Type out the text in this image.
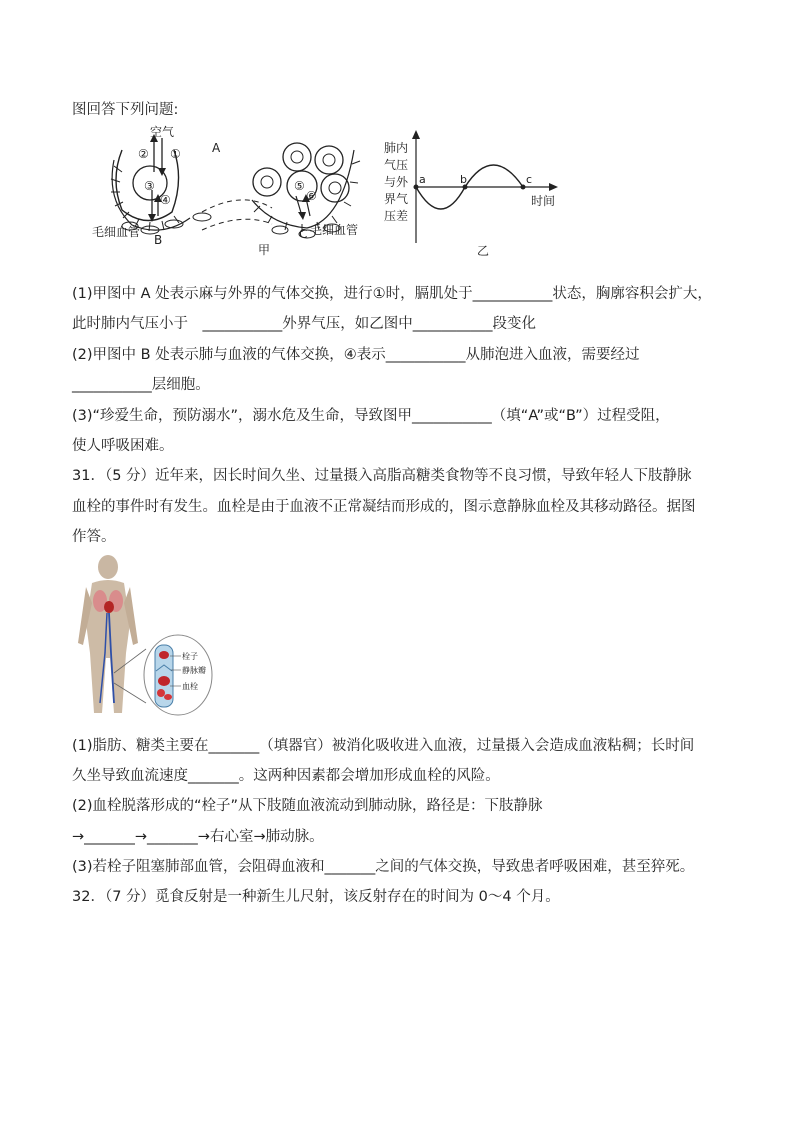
图回答下列问题:
空气
② ①
③
④
A
B
毛细血管
⑤
⑥
C 毛细血管
甲
肺内
气压
与外
界气
压差
a	b	c
时间
乙
(1)甲图中 A 处表示麻与外界的气体交换，进行①时，膈肌处于___________状态，胸廓容积会扩大，
此时肺内气压小于　___________外界气压，如乙图中___________段变化
(2)甲图中 B 处表示肺与血液的气体交换，④表示___________从肺泡进入血液，需要经过
___________层细胞。
(3)“珍爱生命，预防溺水”，溺水危及生命，导致图甲___________（填“A”或“B”）过程受阻，
使人呼吸困难。
31．（5 分）近年来，因长时间久坐、过量摄入高脂高糖类食物等不良习惯，导致年轻人下肢静脉
血栓的事件时有发生。血栓是由于血液不正常凝结而形成的，图示意静脉血栓及其移动路径。据图
作答。
栓子
静脉瓣
血栓
(1)脂肪、糖类主要在_______（填器官）被消化吸收进入血液，过量摄入会造成血液粘稠；长时间
久坐导致血流速度_______。这两种因素都会增加形成血栓的风险。
(2)血栓脱落形成的“栓子”从下肢随血液流动到肺动脉，路径是：下肢静脉
→_______→_______→右心室→肺动脉。
(3)若栓子阻塞肺部血管，会阻碍血液和_______之间的气体交换，导致患者呼吸困难，甚至猝死。
32．（7 分）觅食反射是一种新生儿尺射，该反射存在的时间为 0～4 个月。
